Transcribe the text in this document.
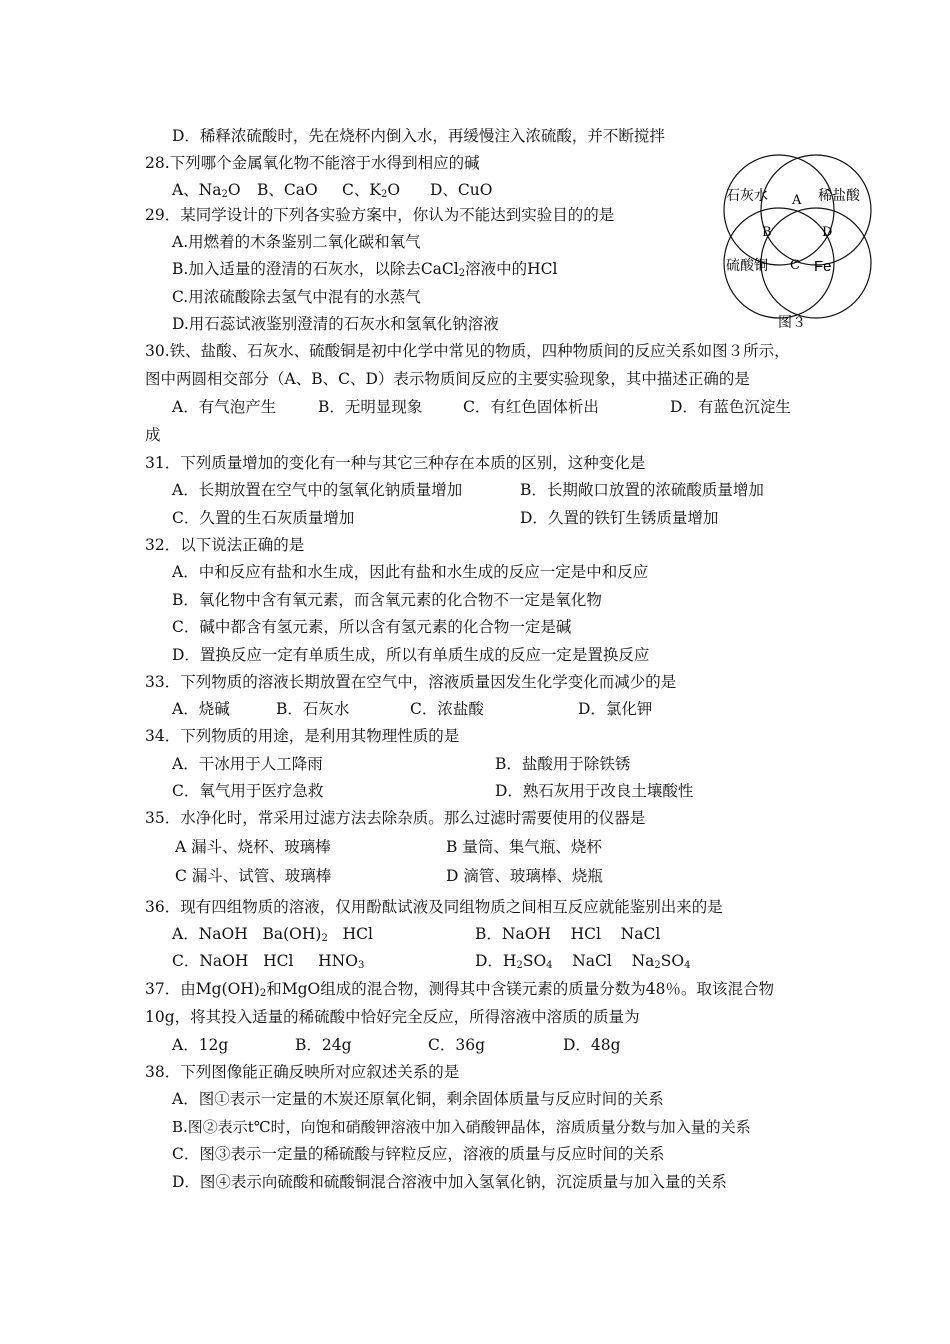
D．稀释浓硫酸时，先在烧杯内倒入水，再缓慢注入浓硫酸，并不断搅拌
28.下列哪个金属氧化物不能溶于水得到相应的碱
A、$Na_2O$ B、CaO C、$K_2O$ D、CuO
29．某同学设计的下列各实验方案中，你认为不能达到实验目的的是
A.用燃着的木条鉴别二氧化碳和氧气
B.加入适量的澄清的石灰水，以除去CaCl$_2$溶液中的HCl
C.用浓硫酸除去氢气中混有的水蒸气
D.用石蕊试液鉴别澄清的石灰水和氢氧化钠溶液
石灰水	稀盐酸
硫酸铜	Fe
A
B
C
D
图３
30.铁、盐酸、石灰水、硫酸铜是初中化学中常见的物质，四种物质间的反应关系如图３所示，
图中两圆相交部分（A、B、C、D）表示物质间反应的主要实验现象，其中描述正确的是
A．有气泡产生	B．无明显现象	C．有红色固体析出	D．有蓝色沉淀生
成
31．下列质量增加的变化有一种与其它三种存在本质的区别，这种变化是
A．长期放置在空气中的氢氧化钠质量增加	B．长期敞口放置的浓硫酸质量增加
C．久置的生石灰质量增加	D．久置的铁钉生锈质量增加
32．以下说法正确的是
A．中和反应有盐和水生成，因此有盐和水生成的反应一定是中和反应
B．氧化物中含有氧元素，而含氧元素的化合物不一定是氧化物
C．碱中都含有氢元素，所以含有氢元素的化合物一定是碱
D．置换反应一定有单质生成，所以有单质生成的反应一定是置换反应
33．下列物质的溶液长期放置在空气中，溶液质量因发生化学变化而减少的是
A．烧碱	B．石灰水	C．浓盐酸	D．氯化钾
34．下列物质的用途，是利用其物理性质的是
A．干冰用于人工降雨	B．盐酸用于除铁锈
C．氧气用于医疗急救	D．熟石灰用于改良土壤酸性
35．水净化时，常采用过滤方法去除杂质。那么过滤时需要使用的仪器是
A 漏斗、烧杯、玻璃棒	B 量筒、集气瓶、烧杯
C 漏斗、试管、玻璃棒	D 滴管、玻璃棒、烧瓶
36．现有四组物质的溶液，仅用酚酞试液及同组物质之间相互反应就能鉴别出来的是
A．NaOH   $Ba(OH)_2$   HCl	B．NaOH    HCl    NaCl
C．NaOH   HCl     $HNO_3$	D．$H_2SO_4$    NaCl    $Na_2SO_4$
37．由$Mg(OH)_2$和MgO组成的混合物，测得其中含镁元素的质量分数为48％。取该混合物
10g，将其投入适量的稀硫酸中恰好完全反应，所得溶液中溶质的质量为
A．12g	B．24g	C．36g	D．48g
38．下列图像能正确反映所对应叙述关系的是
A．图①表示一定量的木炭还原氧化铜，剩余固体质量与反应时间的关系
B.图②表示t℃时，向饱和硝酸钾溶液中加入硝酸钾晶体，溶质质量分数与加入量的关系
C．图③表示一定量的稀硫酸与锌粒反应，溶液的质量与反应时间的关系
D．图④表示向硫酸和硫酸铜混合溶液中加入氢氧化钠，沉淀质量与加入量的关系
